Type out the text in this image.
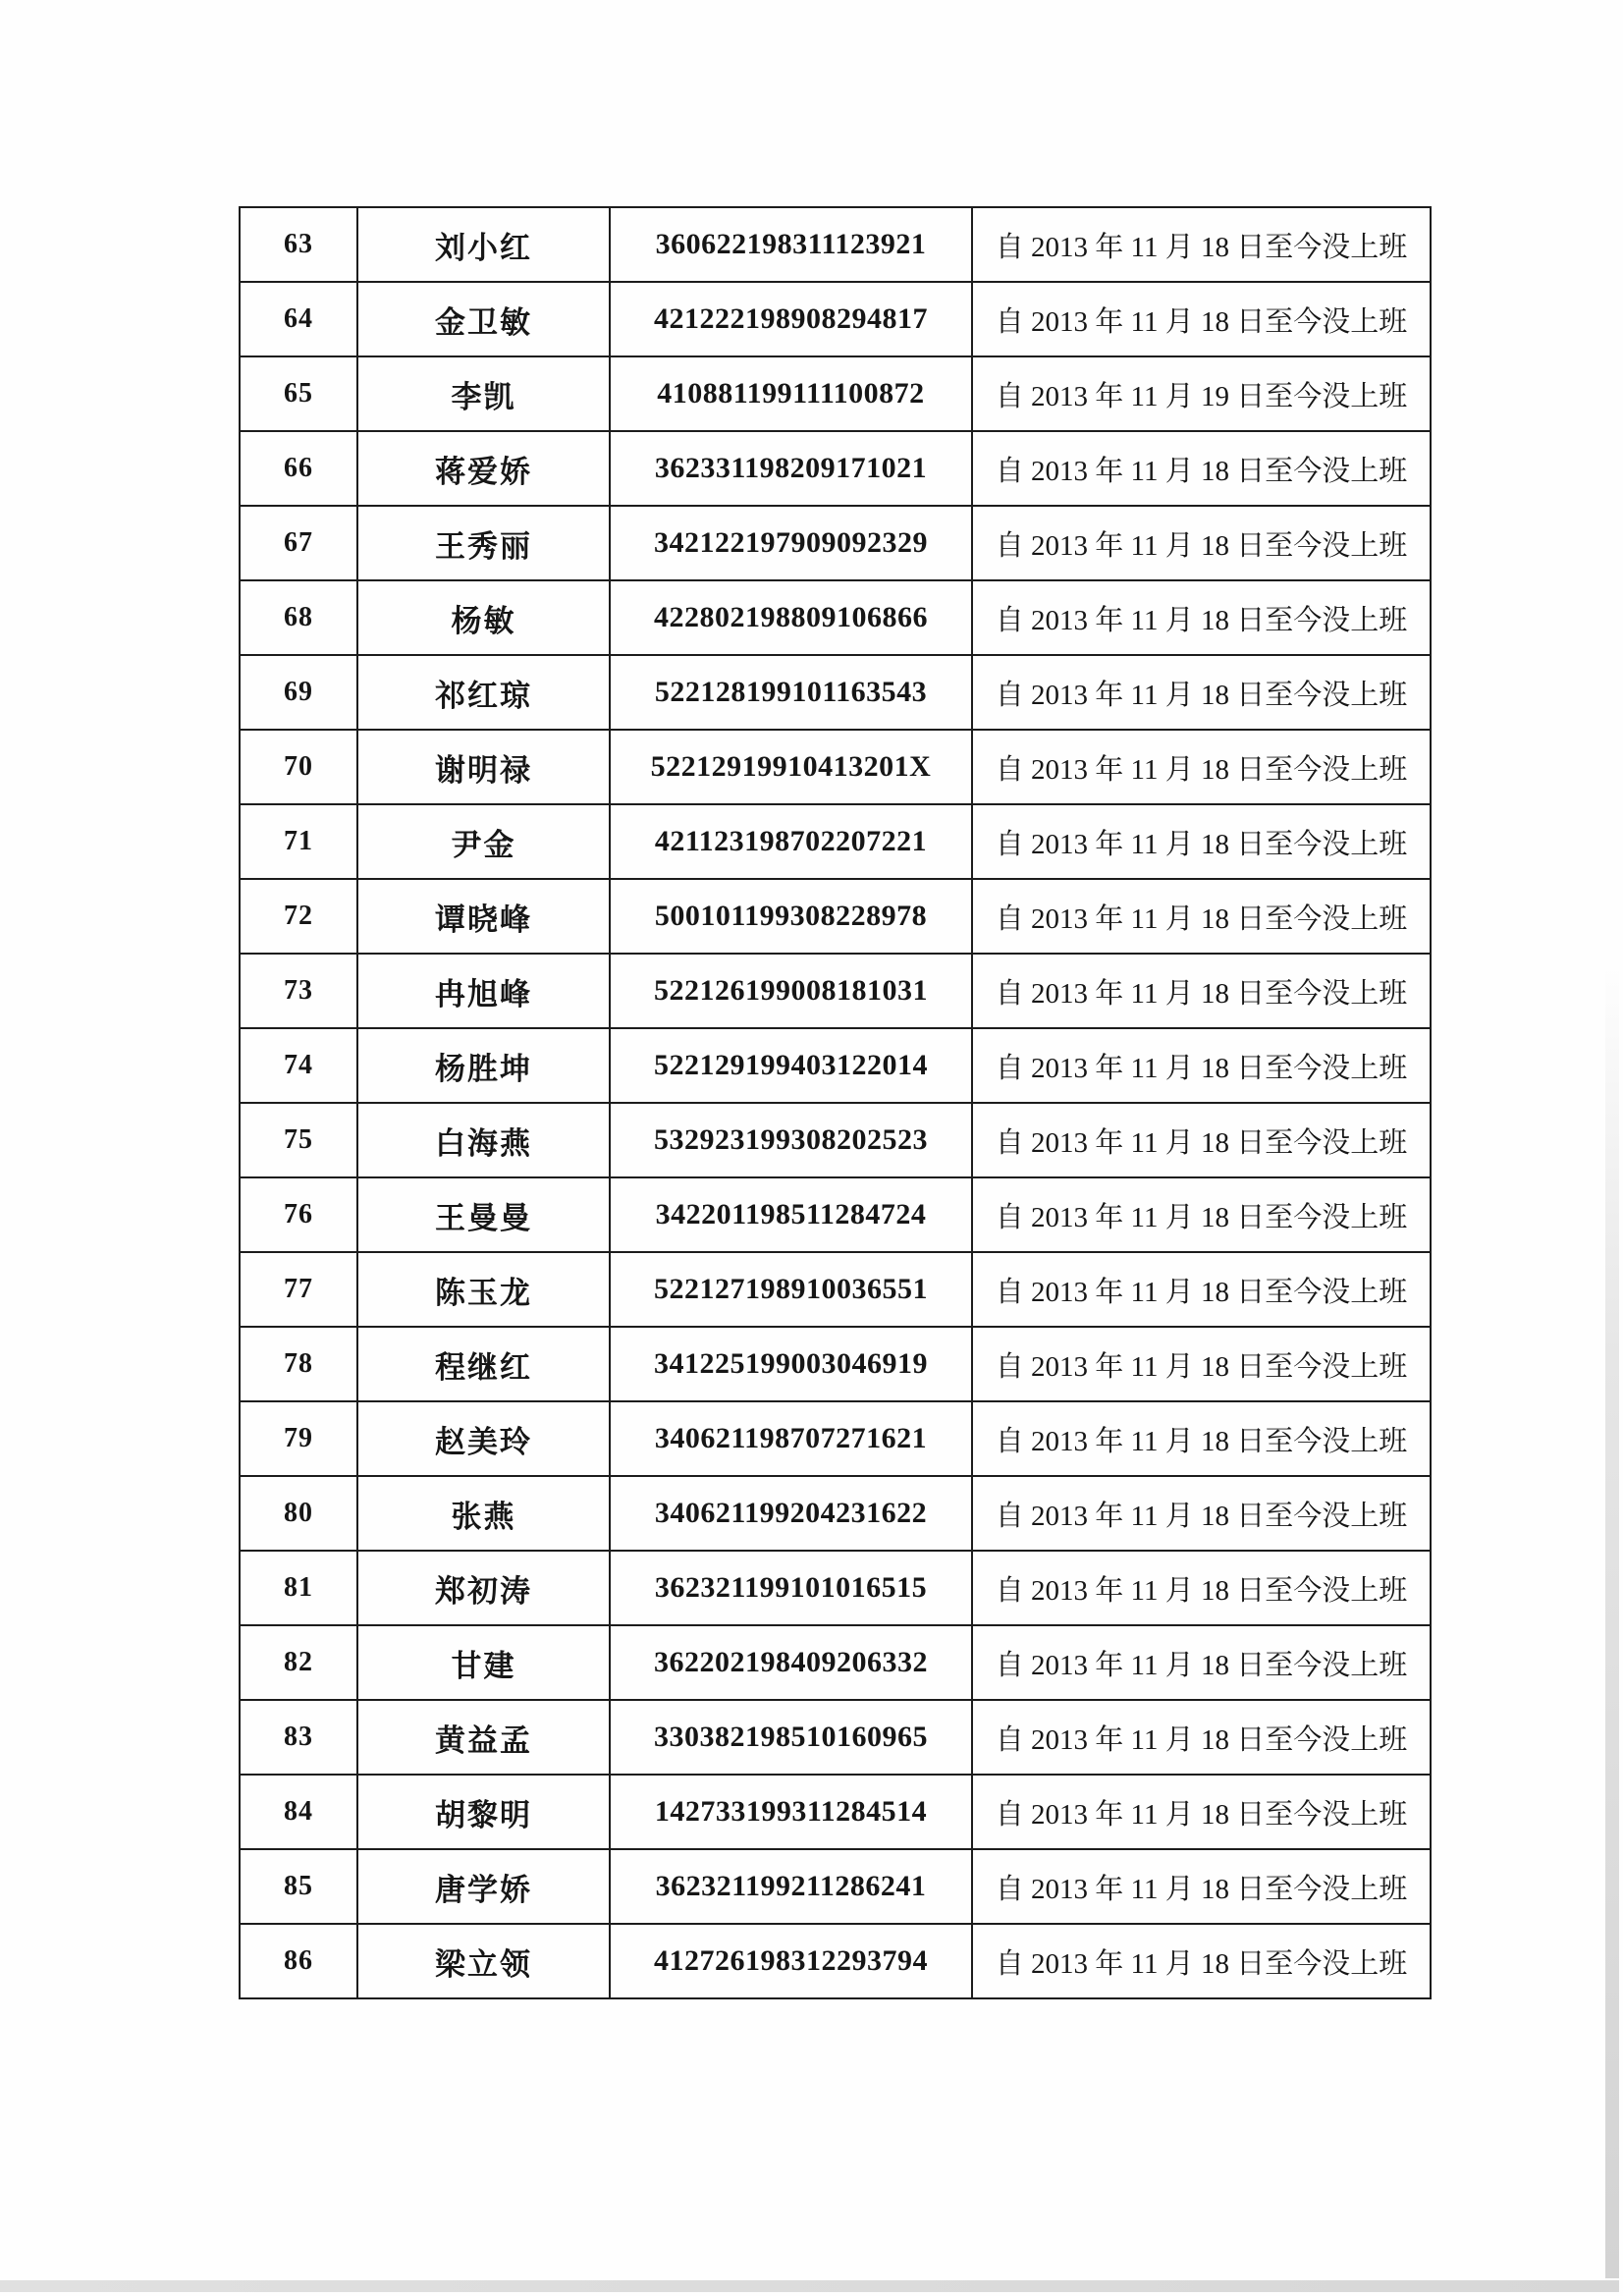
63	刘小红	360622198311123921	自 2013 年 11 月 18 日至今没上班
64	金卫敏	421222198908294817	自 2013 年 11 月 18 日至今没上班
65	李凯	410881199111100872	自 2013 年 11 月 19 日至今没上班
66	蒋爱娇	362331198209171021	自 2013 年 11 月 18 日至今没上班
67	王秀丽	342122197909092329	自 2013 年 11 月 18 日至今没上班
68	杨敏	422802198809106866	自 2013 年 11 月 18 日至今没上班
69	祁红琼	522128199101163543	自 2013 年 11 月 18 日至今没上班
70	谢明禄	52212919910413201X	自 2013 年 11 月 18 日至今没上班
71	尹金	421123198702207221	自 2013 年 11 月 18 日至今没上班
72	谭晓峰	500101199308228978	自 2013 年 11 月 18 日至今没上班
73	冉旭峰	522126199008181031	自 2013 年 11 月 18 日至今没上班
74	杨胜坤	522129199403122014	自 2013 年 11 月 18 日至今没上班
75	白海燕	532923199308202523	自 2013 年 11 月 18 日至今没上班
76	王曼曼	342201198511284724	自 2013 年 11 月 18 日至今没上班
77	陈玉龙	522127198910036551	自 2013 年 11 月 18 日至今没上班
78	程继红	341225199003046919	自 2013 年 11 月 18 日至今没上班
79	赵美玲	340621198707271621	自 2013 年 11 月 18 日至今没上班
80	张燕	340621199204231622	自 2013 年 11 月 18 日至今没上班
81	郑初涛	362321199101016515	自 2013 年 11 月 18 日至今没上班
82	甘建	362202198409206332	自 2013 年 11 月 18 日至今没上班
83	黄益孟	330382198510160965	自 2013 年 11 月 18 日至今没上班
84	胡黎明	142733199311284514	自 2013 年 11 月 18 日至今没上班
85	唐学娇	362321199211286241	自 2013 年 11 月 18 日至今没上班
86	梁立领	412726198312293794	自 2013 年 11 月 18 日至今没上班
